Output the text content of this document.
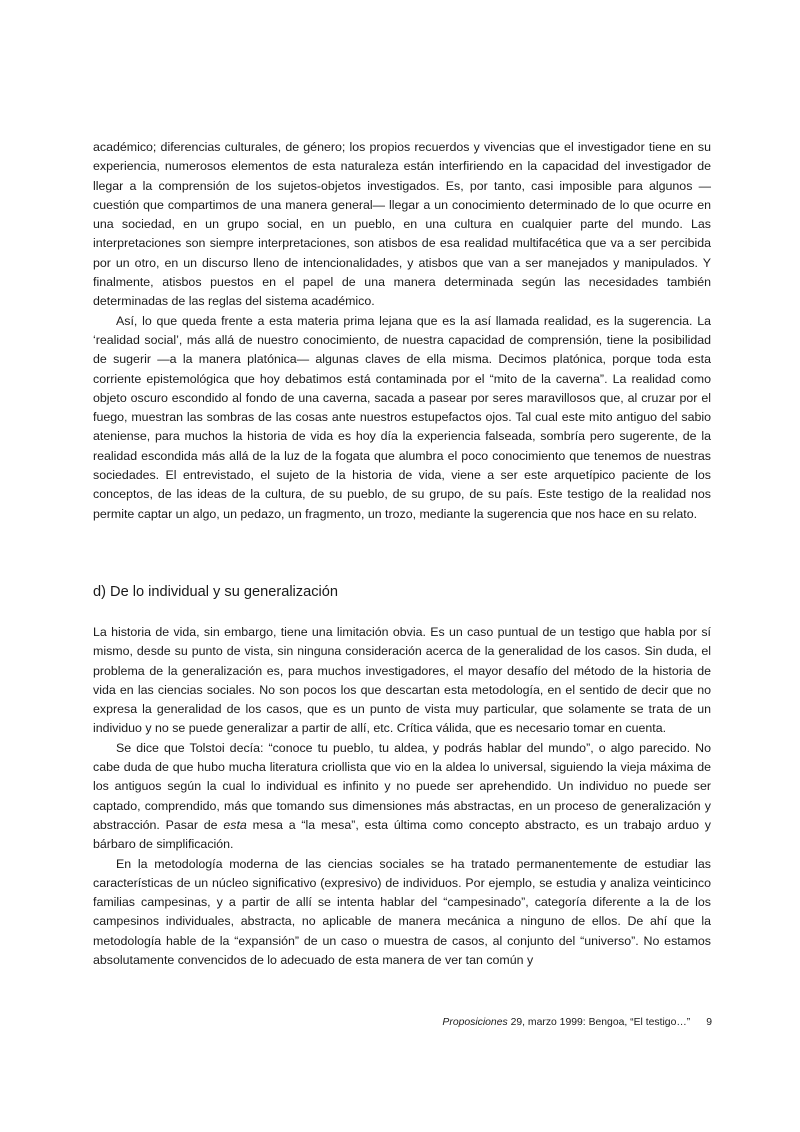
académico; diferencias culturales, de género; los propios recuerdos y vivencias que el investigador tiene en su experiencia, numerosos elementos de esta naturaleza están interfiriendo en la capacidad del investigador de llegar a la comprensión de los sujetos-objetos investigados. Es, por tanto, casi imposible para algunos —cuestión que compartimos de una manera general— llegar a un conocimiento determinado de lo que ocurre en una sociedad, en un grupo social, en un pueblo, en una cultura en cualquier parte del mundo. Las interpretaciones son siempre interpretaciones, son atisbos de esa realidad multifacética que va a ser percibida por un otro, en un discurso lleno de intencionalidades, y atisbos que van a ser manejados y manipulados. Y finalmente, atisbos puestos en el papel de una manera determinada según las necesidades también determinadas de las reglas del sistema académico.

Así, lo que queda frente a esta materia prima lejana que es la así llamada realidad, es la sugerencia. La ‘realidad social’, más allá de nuestro conocimiento, de nuestra capacidad de comprensión, tiene la posibilidad de sugerir —a la manera platónica— algunas claves de ella misma. Decimos platónica, porque toda esta corriente epistemológica que hoy debatimos está contaminada por el “mito de la caverna”. La realidad como objeto oscuro escondido al fondo de una caverna, sacada a pasear por seres maravillosos que, al cruzar por el fuego, muestran las sombras de las cosas ante nuestros estupefactos ojos. Tal cual este mito antiguo del sabio ateniense, para muchos la historia de vida es hoy día la experiencia falseada, sombría pero sugerente, de la realidad escondida más allá de la luz de la fogata que alumbra el poco conocimiento que tenemos de nuestras sociedades. El entrevistado, el sujeto de la historia de vida, viene a ser este arquetípico paciente de los conceptos, de las ideas de la cultura, de su pueblo, de su grupo, de su país. Este testigo de la realidad nos permite captar un algo, un pedazo, un fragmento, un trozo, mediante la sugerencia que nos hace en su relato.

d) De lo individual y su generalización

La historia de vida, sin embargo, tiene una limitación obvia. Es un caso puntual de un testigo que habla por sí mismo, desde su punto de vista, sin ninguna consideración acerca de la generalidad de los casos. Sin duda, el problema de la generalización es, para muchos investigadores, el mayor desafío del método de la historia de vida en las ciencias sociales. No son pocos los que descartan esta metodología, en el sentido de decir que no expresa la generalidad de los casos, que es un punto de vista muy particular, que solamente se trata de un individuo y no se puede generalizar a partir de allí, etc. Crítica válida, que es necesario tomar en cuenta.

Se dice que Tolstoi decía: “conoce tu pueblo, tu aldea, y podrás hablar del mundo”, o algo parecido. No cabe duda de que hubo mucha literatura criollista que vio en la aldea lo universal, siguiendo la vieja máxima de los antiguos según la cual lo individual es infinito y no puede ser aprehendido. Un individuo no puede ser captado, comprendido, más que tomando sus dimensiones más abstractas, en un proceso de generalización y abstracción. Pasar de esta mesa a “la mesa”, esta última como concepto abstracto, es un trabajo arduo y bárbaro de simplificación.

En la metodología moderna de las ciencias sociales se ha tratado permanentemente de estudiar las características de un núcleo significativo (expresivo) de individuos. Por ejemplo, se estudia y analiza veinticinco familias campesinas, y a partir de allí se intenta hablar del “campesinado”, categoría diferente a la de los campesinos individuales, abstracta, no aplicable de manera mecánica a ninguno de ellos. De ahí que la metodología hable de la “expansión” de un caso o muestra de casos, al conjunto del “universo”. No estamos absolutamente convencidos de lo adecuado de esta manera de ver tan común y

Proposiciones 29, marzo 1999: Bengoa, “El testigo…” 9
